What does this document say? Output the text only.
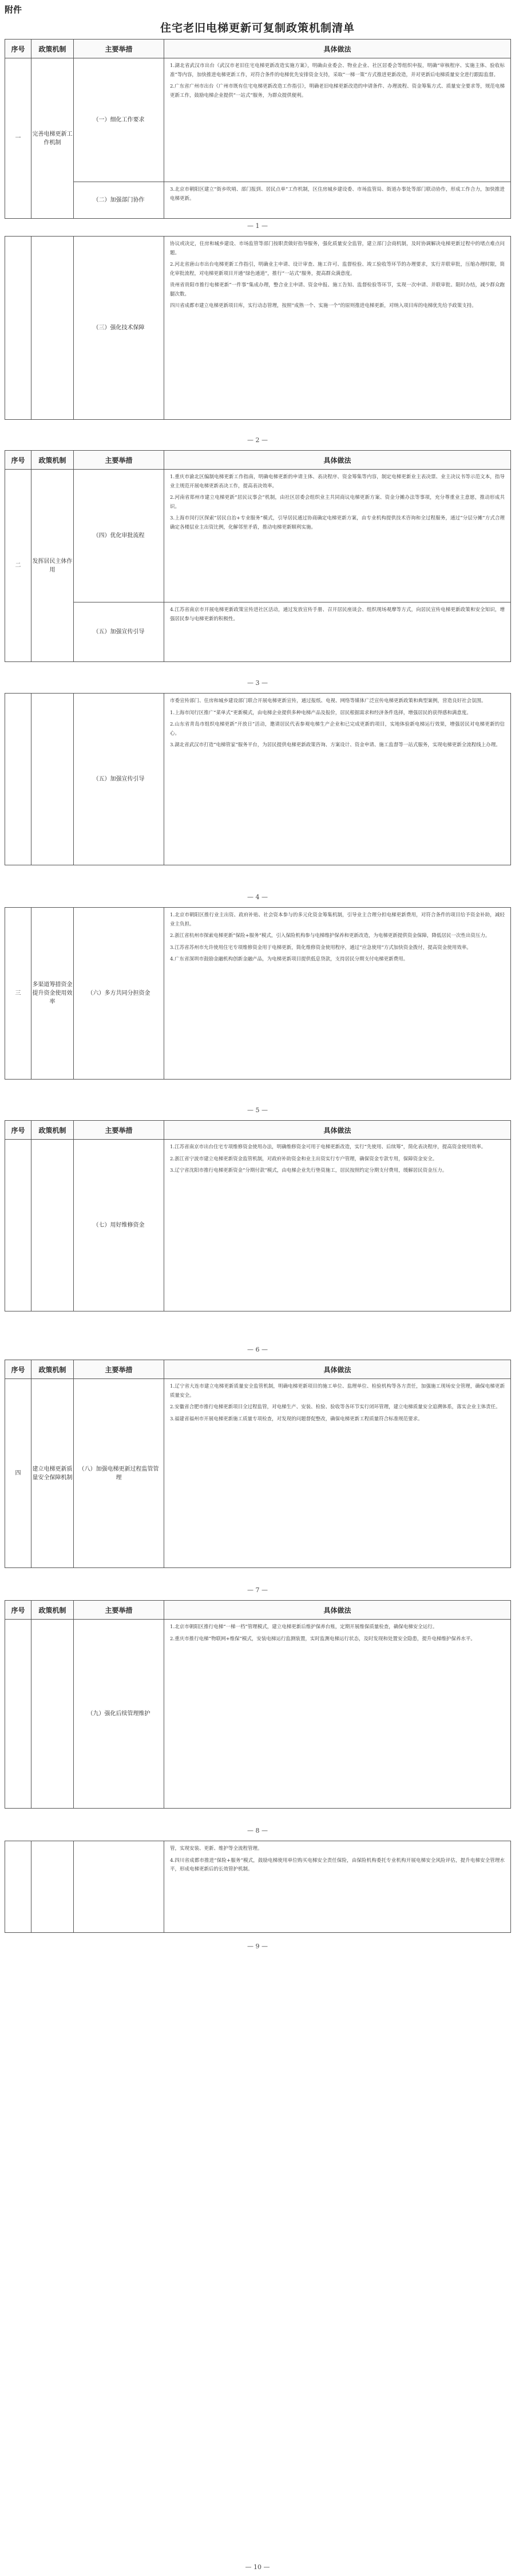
附件
住宅老旧电梯更新可复制政策机制清单
序号	政策机制	主要举措	具体做法
一	完善电梯更新工作机制	（一）细化工作要求	1.湖北省武汉市出台《武汉市老旧住宅电梯更新改造实施方案》，明确由业委会、物业企业、社区居委会等组织申报，明确“审核程序、实施主体、验收标准”等内容，加快推进电梯更新工作，对符合条件的电梯优先安排资金支持，采取“一梯一策”方式推进更新改造，并对更新后电梯质量安全进行跟踪监督。

2.广东省广州市出台《广州市既有住宅电梯更新改造工作指引》，明确老旧电梯更新改造的申请条件、办理流程、资金筹集方式、质量安全要求等，规范电梯更新工作，鼓励电梯企业提供“一站式”服务，为群众提供便利。

		（二）加强部门协作	3.北京市朝阳区建立“街乡吹哨、部门报到、居民点单”工作机制，区住房城乡建设委、市场监管局、街道办事处等部门联动协作，形成工作合力，加快推进电梯更新。

— 1 —
		（三）强化技术保障	

协议或决定，住房和城乡建设、市场监管等部门按职责做好指导服务，强化质量安全监管，建立部门会商机制，及时协调解决电梯更新过程中的堵点难点问题。

2.河北省唐山市出台电梯更新工作指引，明确业主申请、设计审查、施工许可、监督检验、竣工验收等环节的办理要求，实行并联审批，压缩办理时限，简化审批流程，对电梯更新项目开通“绿色通道”，推行“一站式”服务，提高群众满意度。

贵州省贵阳市推行电梯更新“一件事”集成办理，整合业主申请、资金申报、施工告知、监督检验等环节，实现一次申请、并联审批、限时办结，减少群众跑腿次数。

四川省成都市建立电梯更新项目库，实行动态管理，按照“成熟一个、实施一个”的原则推进电梯更新，对纳入项目库的电梯优先给予政策支持。

— 2 —
序号	政策机制	主要举措	具体做法
二	发挥居民主体作用	（四）优化审批流程	1.重庆市渝北区编制电梯更新工作指南，明确电梯更新的申请主体、表决程序、资金筹集等内容，制定电梯更新业主表决票、业主决议书等示范文本，指导业主规范开展电梯更新表决工作，提高表决效率。

2.河南省郑州市建立电梯更新“居民议事会”机制，由社区居委会组织业主共同商议电梯更新方案、资金分摊办法等事项，充分尊重业主意愿，推动形成共识。

3.上海市闵行区探索“居民自治+专业服务”模式，引导居民通过协商确定电梯更新方案，由专业机构提供技术咨询和全过程服务，通过“分层分摊”方式合理确定各楼层业主出资比例，化解邻里矛盾，推动电梯更新顺利实施。

		（五）加强宣传引导	4.江苏省南京市开展电梯更新政策宣传进社区活动，通过发放宣传手册、召开居民座谈会、组织现场观摩等方式，向居民宣传电梯更新政策和安全知识，增强居民参与电梯更新的积极性。

— 3 —
		（五）加强宣传引导	

市委宣传部门、住房和城乡建设部门联合开展电梯更新宣传，通过报纸、电视、网络等媒体广泛宣传电梯更新政策和典型案例，营造良好社会氛围。

1.上海市闵行区推广“菜单式”更新模式，由电梯企业提供多种电梯产品及报价，居民根据需求和经济条件选择，增强居民的获得感和满意度。

2.山东省青岛市组织电梯更新“开放日”活动，邀请居民代表参观电梯生产企业和已完成更新的项目，实地体验新电梯运行效果，增强居民对电梯更新的信心。

3.湖北省武汉市打造“电梯管家”服务平台，为居民提供电梯更新政策咨询、方案设计、资金申请、施工监督等一站式服务，实现电梯更新全流程线上办理。

— 4 —
三	多渠道筹措资金提升资金使用效率	（六）多方共同分担资金	

1.北京市朝阳区推行业主出资、政府补贴、社会资本参与的多元化资金筹集机制，引导业主合理分担电梯更新费用，对符合条件的项目给予资金补助，减轻业主负担。

2.浙江省杭州市探索电梯更新“保险+服务”模式，引入保险机构参与电梯维护保养和更新改造，为电梯更新提供资金保障，降低居民一次性出资压力。

3.江苏省苏州市允许使用住宅专项维修资金用于电梯更新，简化维修资金使用程序，通过“应急使用”方式加快资金拨付，提高资金使用效率。

4.广东省深圳市鼓励金融机构创新金融产品，为电梯更新项目提供低息贷款，支持居民分期支付电梯更新费用。

— 5 —
序号	政策机制	主要举措	具体做法
		（七）用好维修资金	1.江苏省南京市出台住宅专项维修资金使用办法，明确维修资金可用于电梯更新改造，实行“先使用、后续筹”，简化表决程序，提高资金使用效率。

2.浙江省宁波市建立电梯更新资金监管机制，对政府补助资金和业主出资实行专户管理，确保资金专款专用，保障资金安全。

3.辽宁省沈阳市推行电梯更新资金“分期付款”模式，由电梯企业先行垫资施工，居民按照约定分期支付费用，缓解居民资金压力。

— 6 —
序号	政策机制	主要举措	具体做法
四	建立电梯更新质量安全保障机制	（八）加强电梯更新过程监管管理	1.辽宁省大连市建立电梯更新质量安全监管机制，明确电梯更新项目的施工单位、监理单位、检验机构等各方责任，加强施工现场安全管理，确保电梯更新质量安全。

2.安徽省合肥市推行电梯更新项目全过程监管，对电梯生产、安装、检验、验收等各环节实行闭环管理，建立电梯质量安全追溯体系，落实企业主体责任。

3.福建省福州市开展电梯更新施工质量专项检查，对发现的问题督促整改，确保电梯更新工程质量符合标准规范要求。

— 7 —
序号	政策机制	主要举措	具体做法
		（九）强化后续管理维护	1.北京市朝阳区推行电梯“一梯一档”管理模式，建立电梯更新后维护保养台账，定期开展维保质量检查，确保电梯安全运行。

2.重庆市推行电梯“物联网+维保”模式，安装电梯运行监测装置，实时监测电梯运行状态，及时发现和处置安全隐患，提升电梯维护保养水平。

— 8 —

管，实现安装、更新、维护等全流程管理。

4.四川省成都市推进“保险+服务”模式，鼓励电梯使用单位购买电梯安全责任保险，由保险机构委托专业机构开展电梯安全风险评估，提升电梯安全管理水平，形成电梯更新后的长效管护机制。

— 9 —
— 10 —
